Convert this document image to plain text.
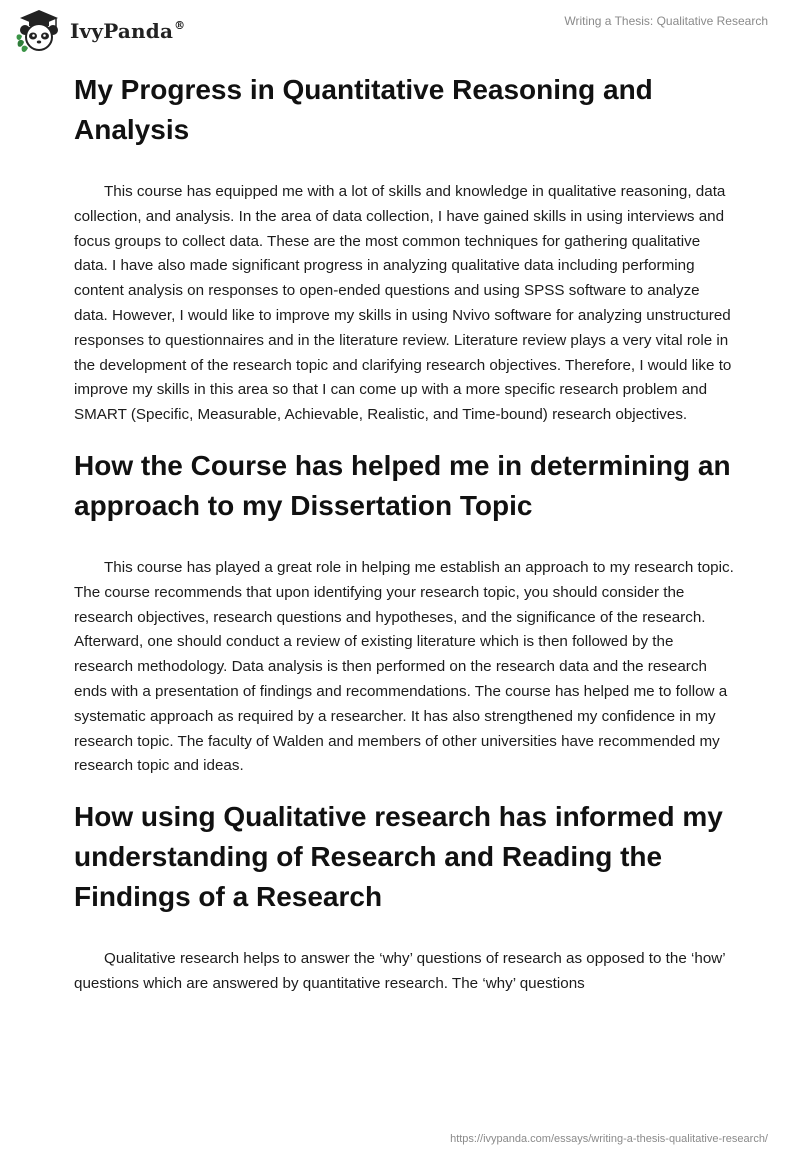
IvyPanda®	Writing a Thesis: Qualitative Research
My Progress in Quantitative Reasoning and Analysis

This course has equipped me with a lot of skills and knowledge in qualitative reasoning, data collection, and analysis. In the area of data collection, I have gained skills in using interviews and focus groups to collect data. These are the most common techniques for gathering qualitative data. I have also made significant progress in analyzing qualitative data including performing content analysis on responses to open-ended questions and using SPSS software to analyze data. However, I would like to improve my skills in using Nvivo software for analyzing unstructured responses to questionnaires and in the literature review. Literature review plays a very vital role in the development of the research topic and clarifying research objectives. Therefore, I would like to improve my skills in this area so that I can come up with a more specific research problem and SMART (Specific, Measurable, Achievable, Realistic, and Time-bound) research objectives.

How the Course has helped me in determining an approach to my Dissertation Topic

This course has played a great role in helping me establish an approach to my research topic. The course recommends that upon identifying your research topic, you should consider the research objectives, research questions and hypotheses, and the significance of the research. Afterward, one should conduct a review of existing literature which is then followed by the research methodology. Data analysis is then performed on the research data and the research ends with a presentation of findings and recommendations. The course has helped me to follow a systematic approach as required by a researcher. It has also strengthened my confidence in my research topic. The faculty of Walden and members of other universities have recommended my research topic and ideas.

How using Qualitative research has informed my understanding of Research and Reading the Findings of a Research

Qualitative research helps to answer the ‘why’ questions of research as opposed to the ‘how’ questions which are answered by quantitative research. The ‘why’ questions

https://ivypanda.com/essays/writing-a-thesis-qualitative-research/
